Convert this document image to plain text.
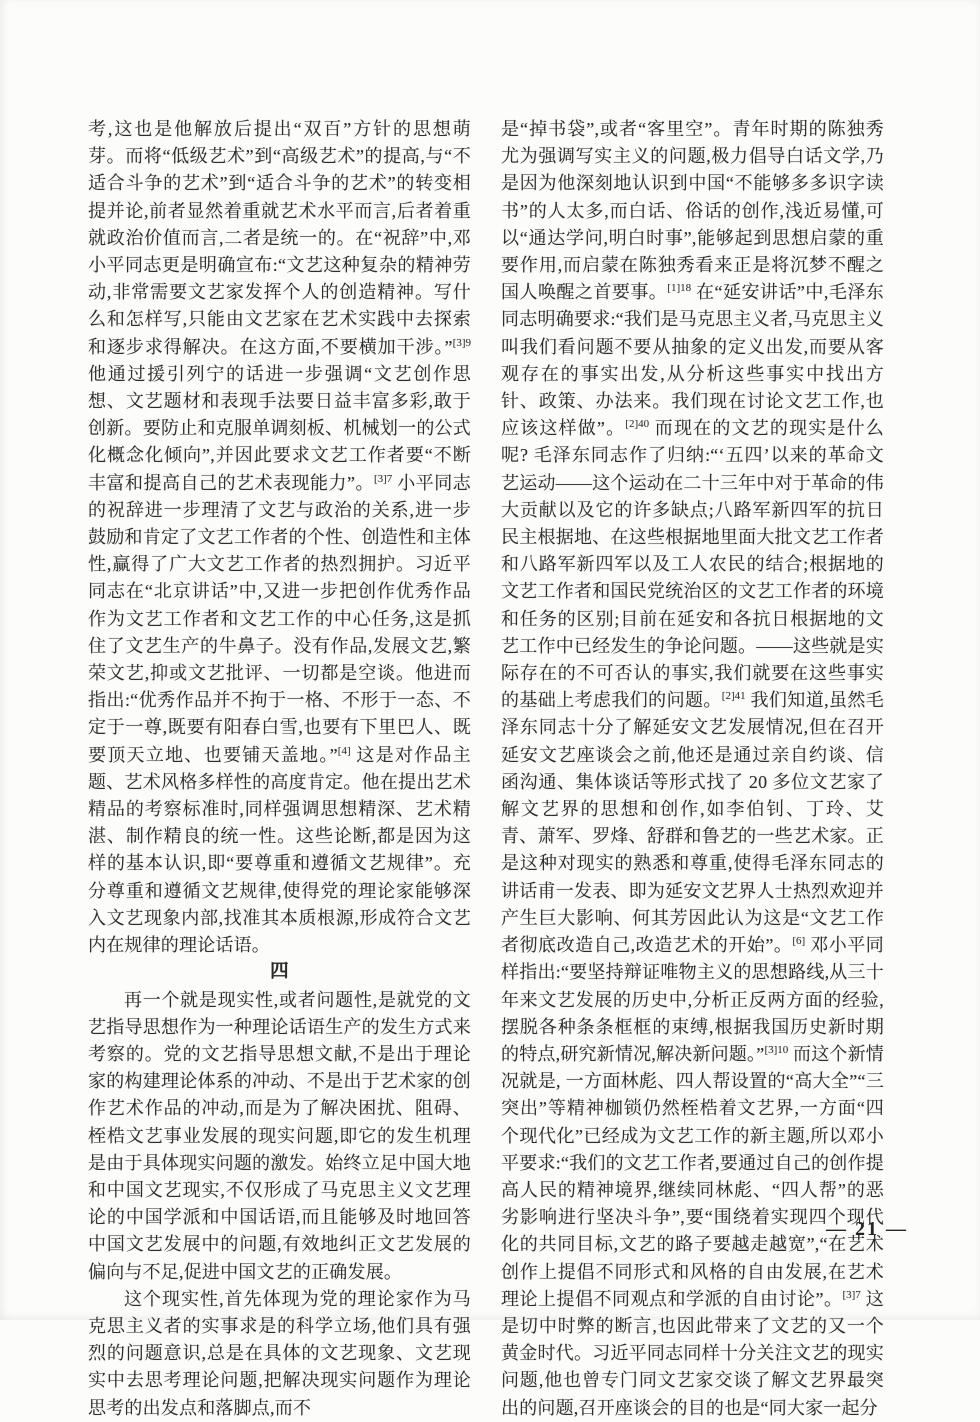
考,这也是他解放后提出“双百”方针的思想萌芽。而将“低级艺术”到“高级艺术”的提高,与“不适合斗争的艺术”到“适合斗争的艺术”的转变相提并论,前者显然着重就艺术水平而言,后者着重就政治价值而言,二者是统一的。在“祝辞”中,邓小平同志更是明确宣布:“文艺这种复杂的精神劳动,非常需要文艺家发挥个人的创造精神。写什么和怎样写,只能由文艺家在艺术实践中去探索和逐步求得解决。在这方面,不要横加干涉。”$^{[3]9}$ 他通过援引列宁的话进一步强调“文艺创作思想、文艺题材和表现手法要日益丰富多彩,敢于创新。要防止和克服单调刻板、机械划一的公式化概念化倾向”,并因此要求文艺工作者要“不断丰富和提高自己的艺术表现能力”。$^{[3]7}$ 小平同志的祝辞进一步理清了文艺与政治的关系,进一步鼓励和肯定了文艺工作者的个性、创造性和主体性,赢得了广大文艺工作者的热烈拥护。习近平同志在“北京讲话”中,又进一步把创作优秀作品作为文艺工作者和文艺工作的中心任务,这是抓住了文艺生产的牛鼻子。没有作品,发展文艺,繁荣文艺,抑或文艺批评、一切都是空谈。他进而指出:“优秀作品并不拘于一格、不形于一态、不定于一尊,既要有阳春白雪,也要有下里巴人、既要顶天立地、也要铺天盖地。”[4] 这是对作品主题、艺术风格多样性的高度肯定。他在提出艺术精品的考察标准时,同样强调思想精深、艺术精湛、制作精良的统一性。这些论断,都是因为这样的基本认识,即“要尊重和遵循文艺规律”。充分尊重和遵循文艺规律,使得党的理论家能够深入文艺现象内部,找准其本质根源,形成符合文艺内在规律的理论话语。

四

再一个就是现实性,或者问题性,是就党的文艺指导思想作为一种理论话语生产的发生方式来考察的。党的文艺指导思想文献,不是出于理论家的构建理论体系的冲动、不是出于艺术家的创作艺术作品的冲动,而是为了解决困扰、阻碍、桎梏文艺事业发展的现实问题,即它的发生机理是由于具体现实问题的激发。始终立足中国大地和中国文艺现实,不仅形成了马克思主义文艺理论的中国学派和中国话语,而且能够及时地回答中国文艺发展中的问题,有效地纠正文艺发展的偏向与不足,促进中国文艺的正确发展。

这个现实性,首先体现为党的理论家作为马克思主义者的实事求是的科学立场,他们具有强烈的问题意识,总是在具体的文艺现象、文艺现实中去思考理论问题,把解决现实问题作为理论思考的出发点和落脚点,而不

是“掉书袋”,或者“客里空”。青年时期的陈独秀尤为强调写实主义的问题,极力倡导白话文学,乃是因为他深刻地认识到中国“不能够多多识字读书”的人太多,而白话、俗话的创作,浅近易懂,可以“通达学问,明白时事”,能够起到思想启蒙的重要作用,而启蒙在陈独秀看来正是将沉梦不醒之国人唤醒之首要事。$^{[1]18}$ 在“延安讲话”中,毛泽东同志明确要求:“我们是马克思主义者,马克思主义叫我们看问题不要从抽象的定义出发,而要从客观存在的事实出发,从分析这些事实中找出方针、政策、办法来。我们现在讨论文艺工作,也应该这样做”。$^{[2]40}$ 而现在的文艺的现实是什么呢? 毛泽东同志作了归纳:“‘五四’以来的革命文艺运动——这个运动在二十三年中对于革命的伟大贡献以及它的许多缺点;八路军新四军的抗日民主根据地、在这些根据地里面大批文艺工作者和八路军新四军以及工人农民的结合;根据地的文艺工作者和国民党统治区的文艺工作者的环境和任务的区别;目前在延安和各抗日根据地的文艺工作中已经发生的争论问题。——这些就是实际存在的不可否认的事实,我们就要在这些事实的基础上考虑我们的问题。$^{[2]41}$ 我们知道,虽然毛泽东同志十分了解延安文艺发展情况,但在召开延安文艺座谈会之前,他还是通过亲自约谈、信函沟通、集体谈话等形式找了 20 多位文艺家了解文艺界的思想和创作,如李伯钊、丁玲、艾青、萧军、罗烽、舒群和鲁艺的一些艺术家。正是这种对现实的熟悉和尊重,使得毛泽东同志的讲话甫一发表、即为延安文艺界人士热烈欢迎并产生巨大影响、何其芳因此认为这是“文艺工作者彻底改造自己,改造艺术的开始”。[6] 邓小平同样指出:“要坚持辩证唯物主义的思想路线,从三十年来文艺发展的历史中,分析正反两方面的经验,摆脱各种条条框框的束缚,根据我国历史新时期的特点,研究新情况,解决新问题。”$^{[3]10}$ 而这个新情况就是, 一方面林彪、四人帮设置的“高大全”“三突出”等精神枷锁仍然桎梏着文艺界,一方面“四个现代化”已经成为文艺工作的新主题,所以邓小平要求:“我们的文艺工作者,要通过自己的创作提高人民的精神境界,继续同林彪、“四人帮”的恶劣影响进行坚决斗争”,要“围绕着实现四个现代化的共同目标,文艺的路子要越走越宽”,“在艺术创作上提倡不同形式和风格的自由发展,在艺术理论上提倡不同观点和学派的自由讨论”。$^{[3]7}$ 这是切中时弊的断言,也因此带来了文艺的又一个黄金时代。习近平同志同样十分关注文艺的现实问题,他也曾专门同文艺家交谈了解文艺界最突出的问题,召开座谈会的目的也是“同大家一起分

— 21 —
